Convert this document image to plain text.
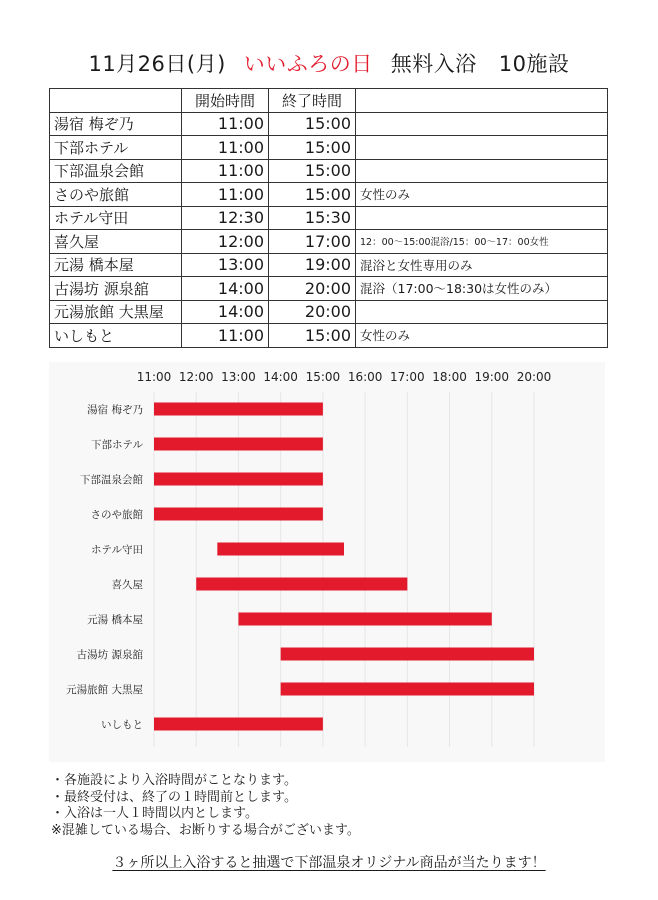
11月26日(月) いいふろの日 無料入浴 10施設
	開始時間	終了時間	
湯宿 梅ぞ乃	11:00	15:00	
下部ホテル	11:00	15:00	
下部温泉会館	11:00	15:00	
さのや旅館	11:00	15:00	女性のみ
ホテル守田	12:30	15:30	
喜久屋	12:00	17:00	12：00～15:00混浴/15：00～17：00女性
元湯 橋本屋	13:00	19:00	混浴と女性専用のみ
古湯坊 源泉舘	14:00	20:00	混浴（17:00～18:30は女性のみ）
元湯旅館 大黒屋	14:00	20:00	
いしもと	11:00	15:00	女性のみ
11:00 12:00 13:00 14:00 15:00 16:00 17:00 18:00 19:00 20:00
湯宿 梅ぞ乃
下部ホテル
下部温泉会館
さのや旅館
ホテル守田
喜久屋
元湯 橋本屋
古湯坊 源泉舘
元湯旅館 大黒屋
いしもと
・各施設により入浴時間がことなります。
・最終受付は、終了の１時間前とします。
・入浴は一人１時間以内とします。
※混雑している場合、お断りする場合がございます。
３ヶ所以上入浴すると抽選で下部温泉オリジナル商品が当たります！
